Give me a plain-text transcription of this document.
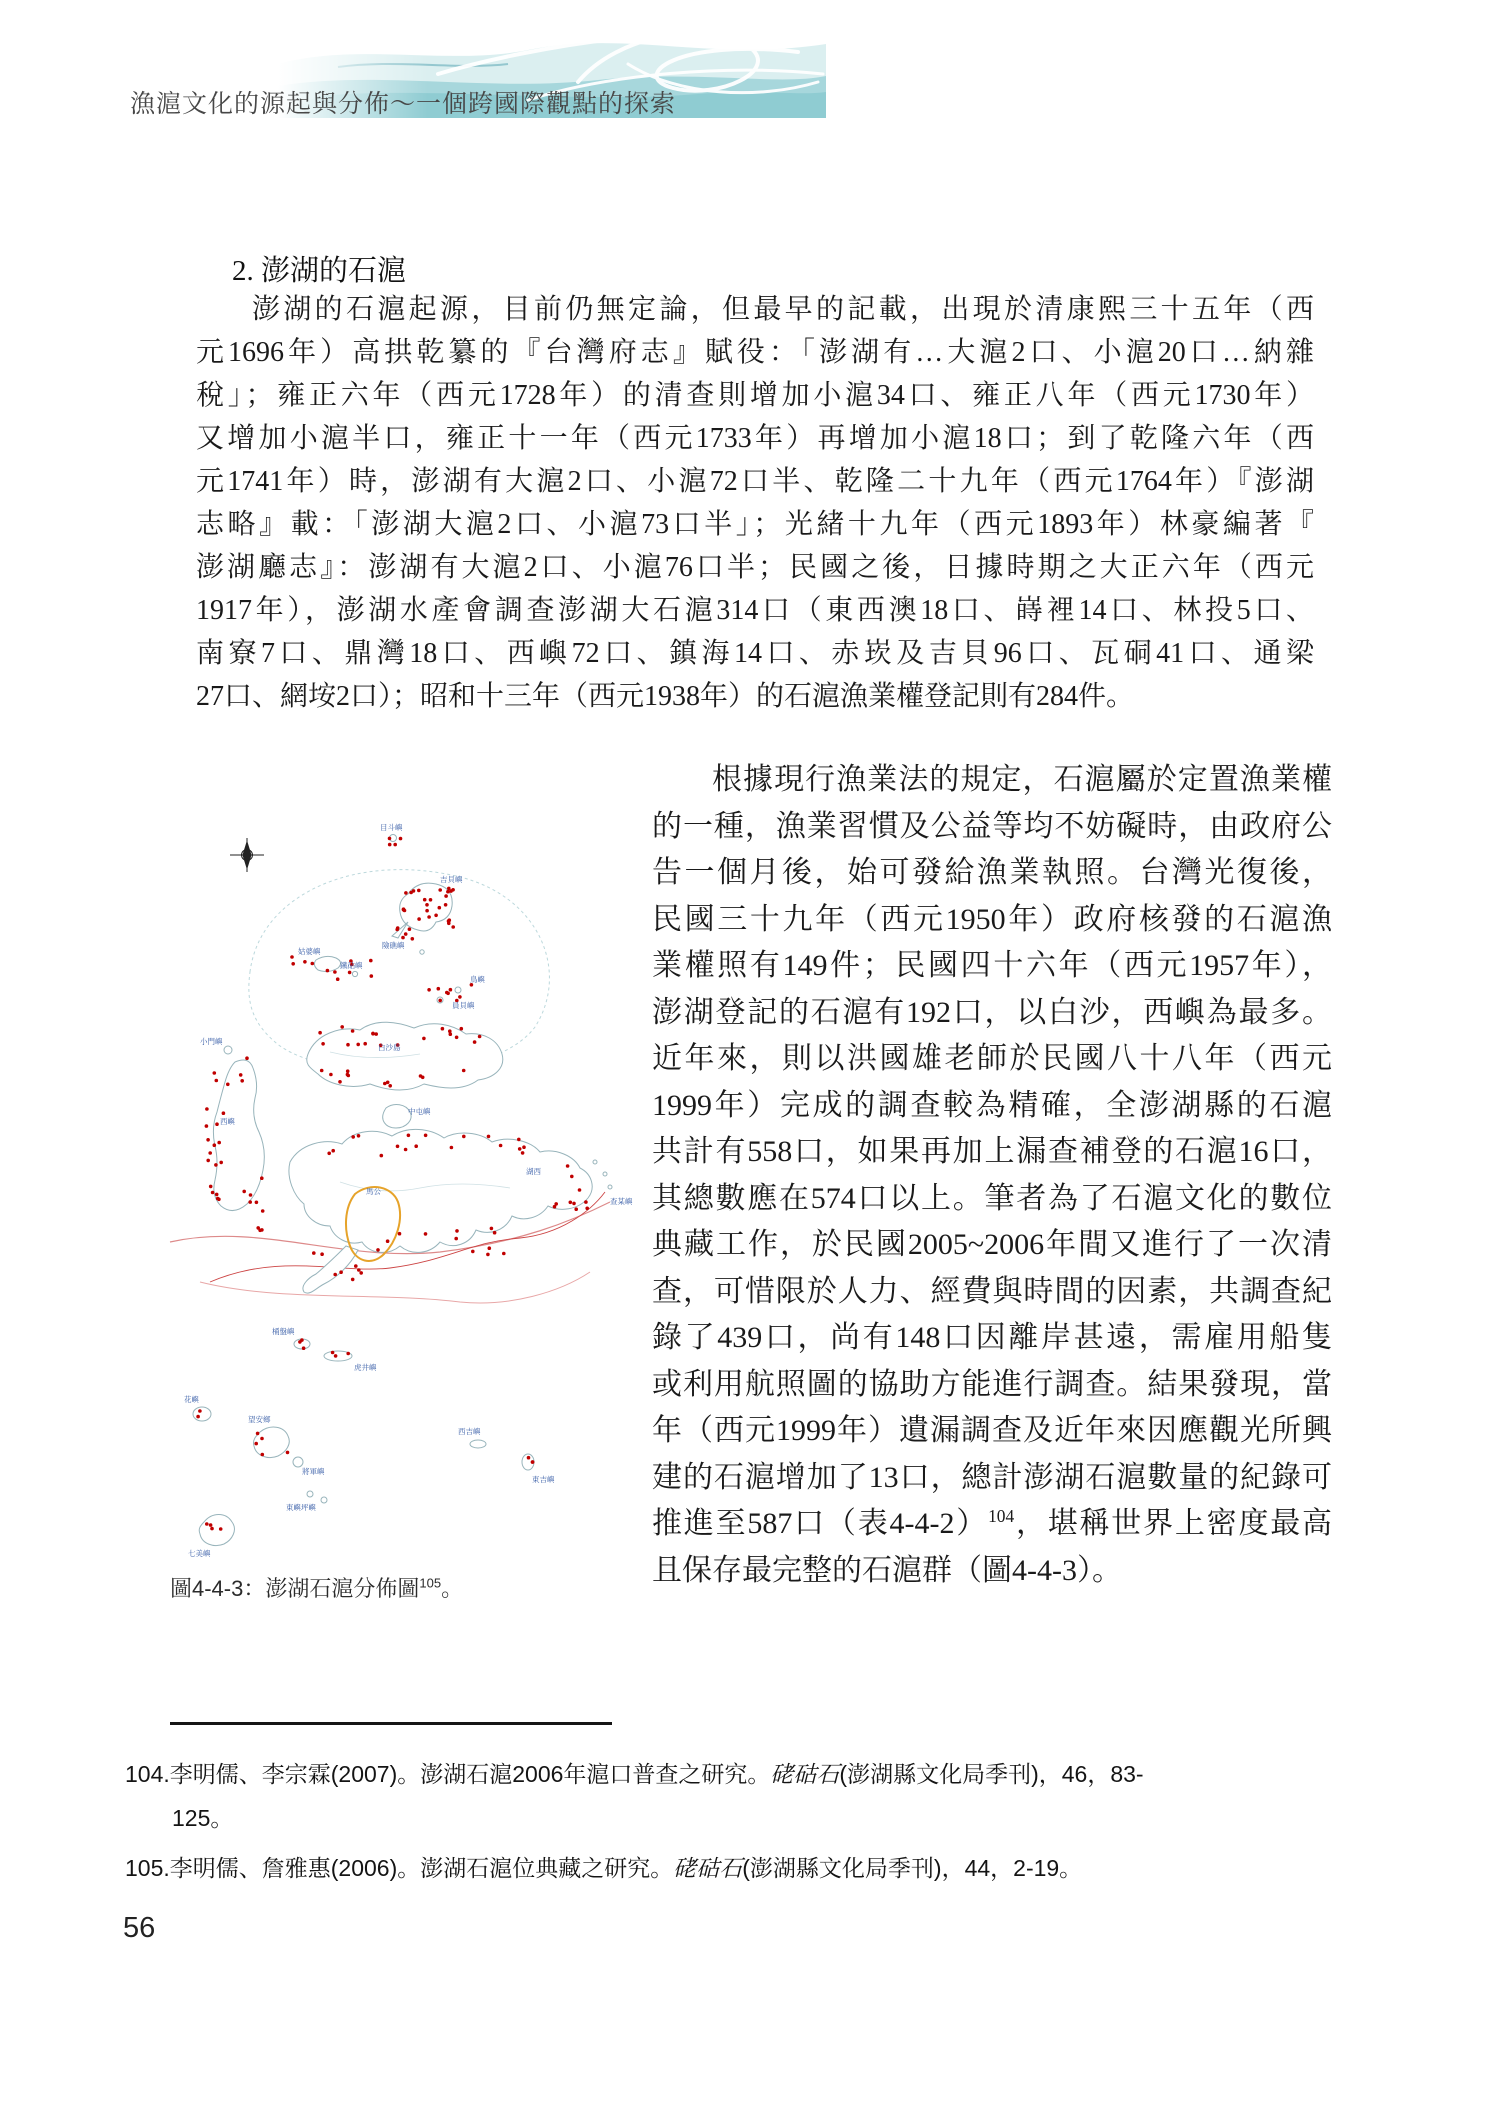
漁滬文化的源起與分佈～一個跨國際觀點的探索
2. 澎湖的石滬
澎湖的石滬起源，目前仍無定論，但最早的記載，出現於清康熙三十五年（西
元1696年）高拱乾纂的『台灣府志』賦役：「澎湖有…大滬2口、小滬20口…納雜
稅」；雍正六年（西元1728年）的清查則增加小滬34口、雍正八年（西元1730年）
又增加小滬半口，雍正十一年（西元1733年）再增加小滬18口；到了乾隆六年（西
元1741年）時，澎湖有大滬2口、小滬72口半、乾隆二十九年（西元1764年）『澎湖
志略』載：「澎湖大滬2口、小滬73口半」；光緒十九年（西元1893年）林豪編著『
澎湖廳志』：澎湖有大滬2口、小滬76口半；民國之後，日據時期之大正六年（西元
1917年），澎湖水產會調查澎湖大石滬314口（東西澳18口、嵵裡14口、林投5口、
南寮7口、鼎灣18口、西嶼72口、鎮海14口、赤崁及吉貝96口、瓦硐41口、通梁
27口、網垵2口）；昭和十三年（西元1938年）的石滬漁業權登記則有284件。
根據現行漁業法的規定，石滬屬於定置漁業權
的一種，漁業習慣及公益等均不妨礙時，由政府公
告一個月後，始可發給漁業執照。台灣光復後，
民國三十九年（西元1950年）政府核發的石滬漁
業權照有149件；民國四十六年（西元1957年），
澎湖登記的石滬有192口，以白沙，西嶼為最多。
近年來，則以洪國雄老師於民國八十八年（西元
1999年）完成的調查較為精確，全澎湖縣的石滬
共計有558口，如果再加上漏查補登的石滬16口，
其總數應在574口以上。筆者為了石滬文化的數位
典藏工作，於民國2005~2006年間又進行了一次清
查，可惜限於人力、經費與時間的因素，共調查紀
錄了439口，尚有148口因離岸甚遠，需雇用船隻
或利用航照圖的協助方能進行調查。結果發現，當
年（西元1999年）遺漏調查及近年來因應觀光所興
建的石滬增加了13口，總計澎湖石滬數量的紀錄可
推進至587口（表4-4-2）$^{104}$，堪稱世界上密度最高
且保存最完整的石滬群（圖4-4-3）。
目斗嶼
吉貝嶼
險礁嶼
姑婆嶼
鐵砧嶼
鳥嶼
員貝嶼
白沙島
小門嶼
西嶼
中屯嶼
馬公
湖西
查某嶼
桶盤嶼
虎井嶼
花嶼
望安鄉
將軍嶼
西吉嶼
東吉嶼
東嶼坪嶼
七美嶼
圖4-4-3：澎湖石滬分佈圖$^{105}$。
104.李明儒、李宗霖(2007)。澎湖石滬2006年滬口普查之研究。硓𥑮石(澎湖縣文化局季刊)，46，83-
125。
105.李明儒、詹雅惠(2006)。澎湖石滬位典藏之研究。硓𥑮石(澎湖縣文化局季刊)，44，2-19。
56
